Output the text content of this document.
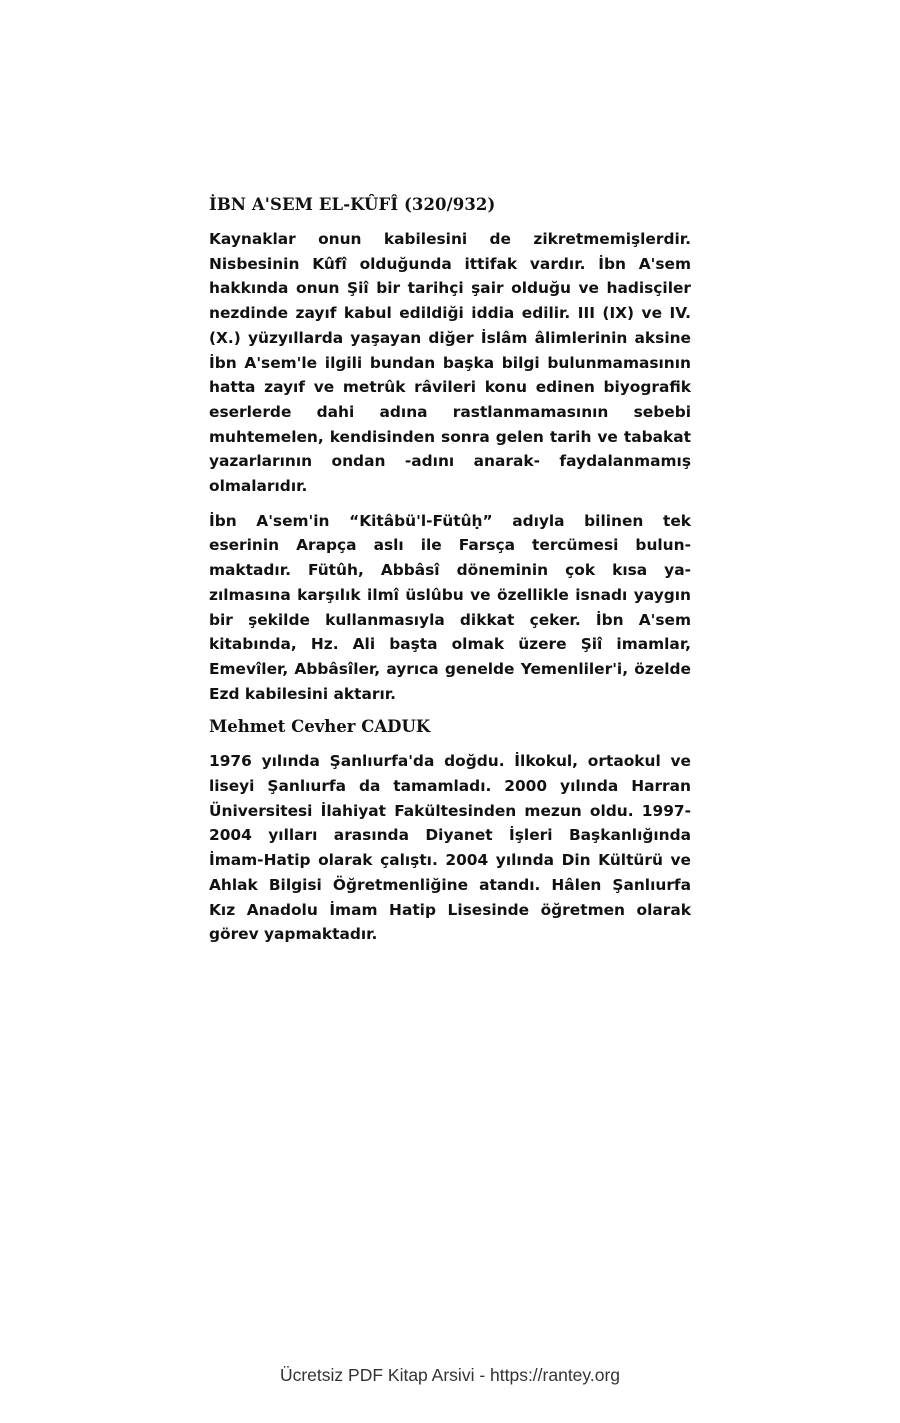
İBN A'SEM EL-KÛFÎ (320/932)

Kaynaklar onun kabilesini de zikretmemişlerdir. Nisbesinin Kûfî olduğunda ittifak vardır. İbn A'sem hakkında onun Şiî bir tarihçi şair olduğu ve hadisçiler nezdinde zayıf kabul edildiği iddia edilir. III (IX) ve IV. (X.) yüzyıllarda yaşayan diğer İslâm âlimlerinin aksine İbn A'sem'le ilgili bundan başka bilgi bulunmamasının hatta zayıf ve metrûk râvileri konu edinen biyografik eserlerde dahi adına rastlanmamasının sebebi muhtemelen, kendisinden sonra gelen tarih ve tabakat yazarlarının ondan -adını anarak- faydalanmamış olmalarıdır.

İbn A'sem'in “Kitâbü'l-Fütûḥ” adıyla bilinen tek eserinin Arapça aslı ile Farsça tercümesi bulunmaktadır. Fütûh, Abbâsî döneminin çok kısa yazılmasına karşılık ilmî üslûbu ve özellikle isnadı yaygın bir şekilde kullanmasıyla dikkat çeker. İbn A'sem kitabında, Hz. Ali başta olmak üzere Şiî imamlar, Emevîler, Abbâsîler, ayrıca genelde Yemenliler'i, özelde Ezd kabilesini aktarır.

Mehmet Cevher CADUK

1976 yılında Şanlıurfa'da doğdu. İlkokul, ortaokul ve liseyi Şanlıurfa da tamamladı. 2000 yılında Harran Üniversitesi İlahiyat Fakültesinden mezun oldu. 1997-2004 yılları arasında Diyanet İşleri Başkanlığında İmam-Hatip olarak çalıştı. 2004 yılında Din Kültürü ve Ahlak Bilgisi Öğretmenliğine atandı. Hâlen Şanlıurfa Kız Anadolu İmam Hatip Lisesinde öğretmen olarak görev yapmaktadır.

Ücretsiz PDF Kitap Arsivi - https://rantey.org
